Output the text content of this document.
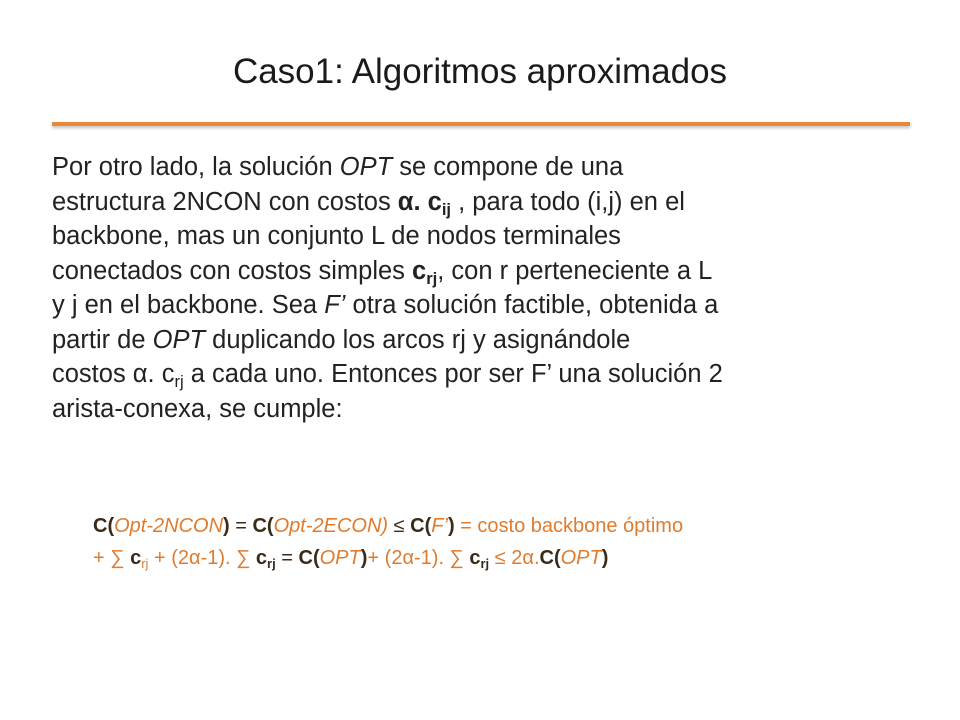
Caso1: Algoritmos aproximados
Por otro lado, la solución OPT se compone de una
estructura 2NCON con costos α. $c_{ij}$ , para todo (i,j) en el
backbone, mas un conjunto L de nodos terminales
conectados con costos simples $c_{rj}$, con r perteneciente a L
y j en el backbone. Sea F’ otra solución factible, obtenida a
partir de OPT duplicando los arcos rj y asignándole
costos α. $c_{rj}$ a cada uno. Entonces por ser F’ una solución 2
arista-conexa, se cumple:
C(Opt-2NCON) = C(Opt-2ECON) ≤ C(F’) = costo backbone óptimo
+ ∑ $c_{rj} + (2\alpha-1)$. ∑ $c_{rj} = C(OPT)+ (2\alpha-1)$. ∑ $c_{rj} \le 2\alpha.C(OPT)$
